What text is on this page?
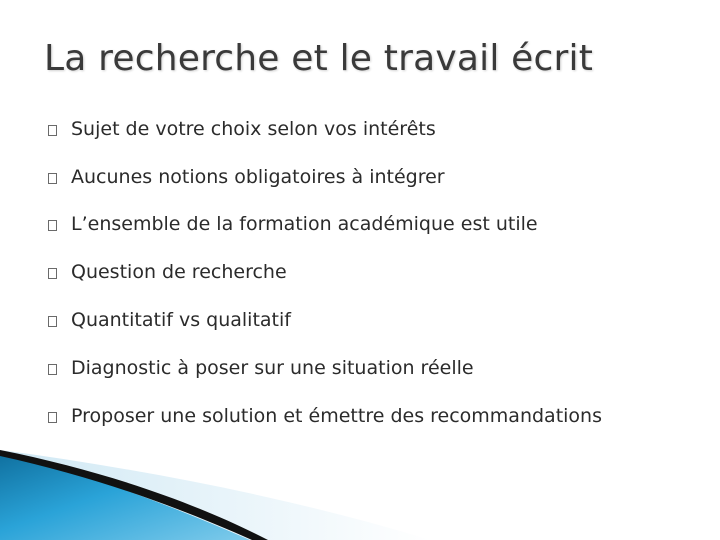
La recherche et le travail écrit
Sujet de votre choix selon vos intérêts
Aucunes notions obligatoires à intégrer
L’ensemble de la formation académique est utile
Question de recherche
Quantitatif vs qualitatif
Diagnostic à poser sur une situation réelle
Proposer une solution et émettre des recommandations
